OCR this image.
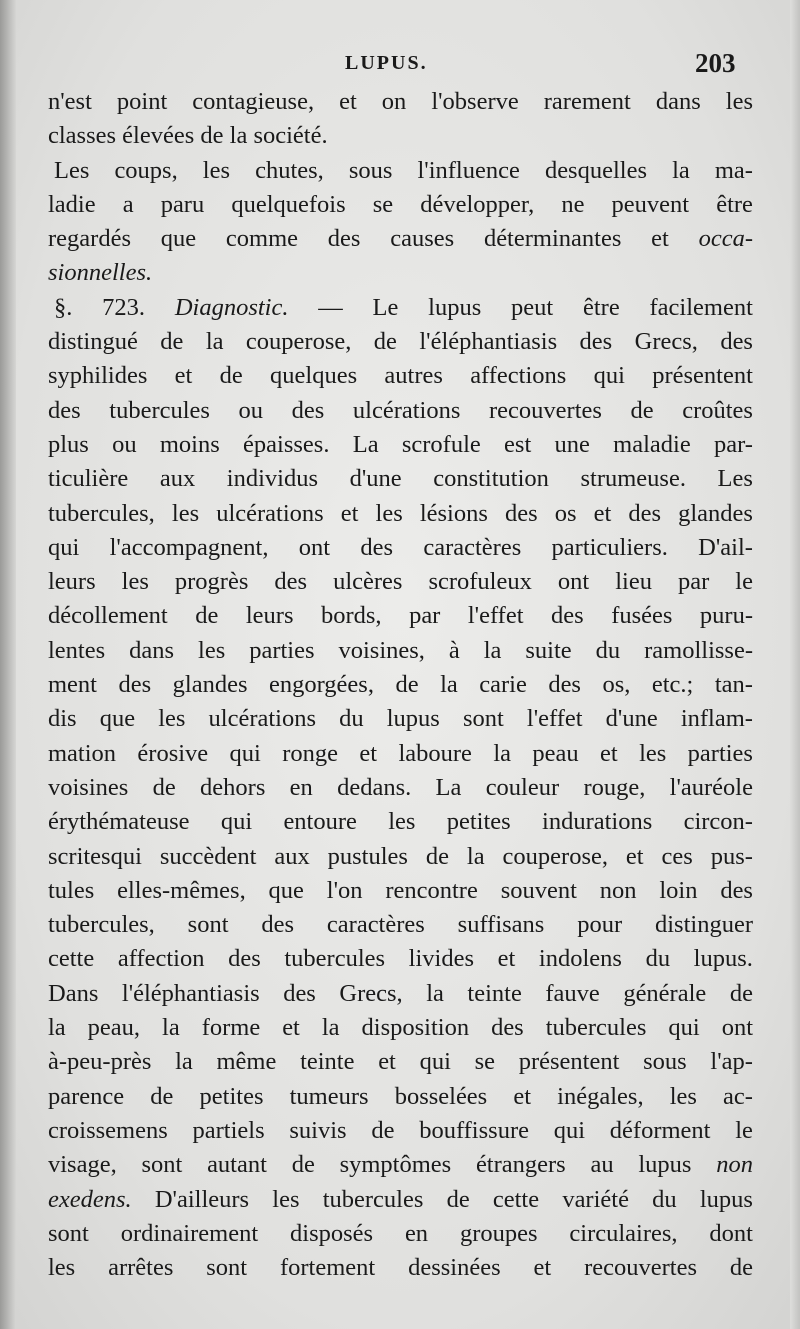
LUPUS.	203
n'est point contagieuse, et on l'observe rarement dans les
classes
élevées
de
la
société.
Les coups, les chutes, sous l'influence desquelles la ma-
ladie a paru quelquefois se développer, ne peuvent être
regardés que comme des causes déterminantes et occa-
sionnelles.
§. 723. Diagnostic. — Le lupus peut être facilement
distingué de la couperose, de l'éléphantiasis des Grecs, des
syphilides et de quelques autres affections qui présentent
des tubercules ou des ulcérations recouvertes de croûtes
plus ou moins épaisses. La scrofule est une maladie par-
ticulière aux individus d'une constitution strumeuse. Les
tubercules, les ulcérations et les lésions des os et des glandes
qui l'accompagnent, ont des caractères particuliers. D'ail-
leurs les progrès des ulcères scrofuleux ont lieu par le
décollement de leurs bords, par l'effet des fusées puru-
lentes dans les parties voisines, à la suite du ramollisse-
ment des glandes engorgées, de la carie des os, etc.; tan-
dis que les ulcérations du lupus sont l'effet d'une inflam-
mation érosive qui ronge et laboure la peau et les parties
voisines de dehors en dedans. La couleur rouge, l'auréole
érythémateuse qui entoure les petites indurations circon-
scritesqui succèdent aux pustules de la couperose, et ces pus-
tules elles-mêmes, que l'on rencontre souvent non loin des
tubercules, sont des caractères suffisans pour distinguer
cette affection des tubercules livides et indolens du lupus.
Dans l'éléphantiasis des Grecs, la teinte fauve générale de
la peau, la forme et la disposition des tubercules qui ont
à-peu-près la même teinte et qui se présentent sous l'ap-
parence de petites tumeurs bosselées et inégales, les ac-
croissemens partiels suivis de bouffissure qui déforment le
visage, sont autant de symptômes étrangers au lupus non
exedens. D'ailleurs les tubercules de cette variété du lupus
sont ordinairement disposés en groupes circulaires, dont
les arrêtes sont fortement dessinées et recouvertes de
